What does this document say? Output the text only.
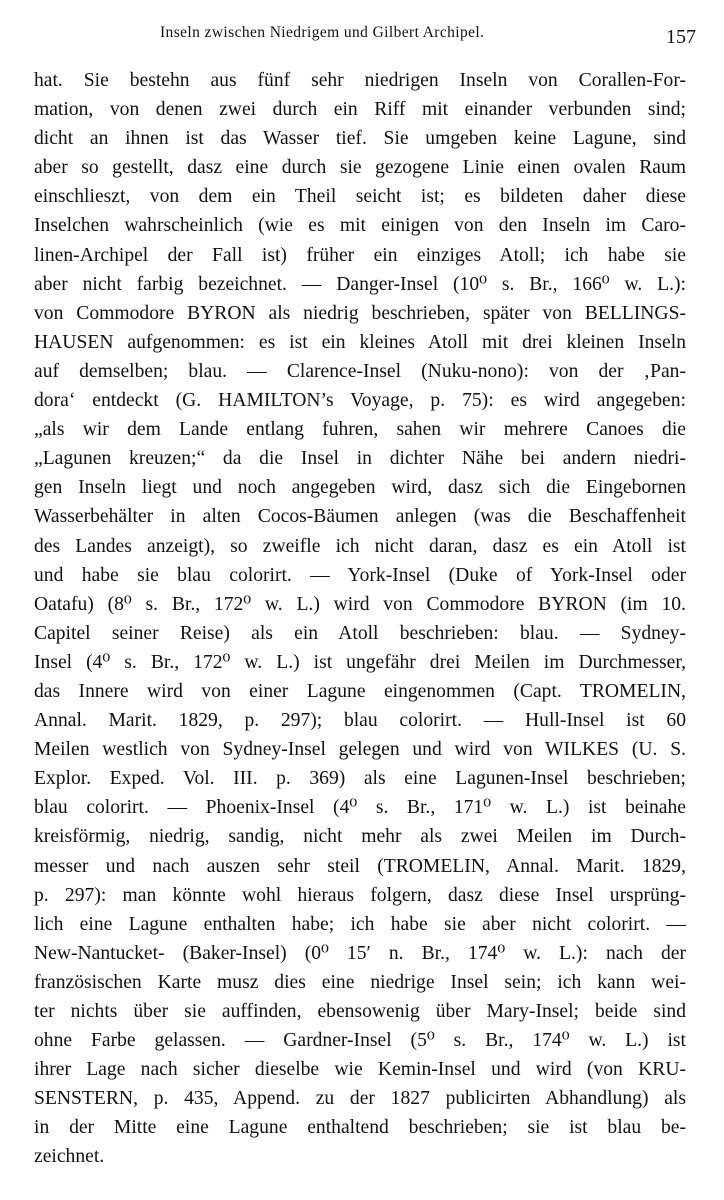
Inseln zwischen Niedrigem und Gilbert Archipel.	157
hat. Sie bestehn aus fünf sehr niedrigen Inseln von Corallen-For-
mation, von denen zwei durch ein Riff mit einander verbunden sind;
dicht an ihnen ist das Wasser tief. Sie umgeben keine Lagune, sind
aber so gestellt, dasz eine durch sie gezogene Linie einen ovalen Raum
einschlieszt, von dem ein Theil seicht ist; es bildeten daher diese
Inselchen wahrscheinlich (wie es mit einigen von den Inseln im Caro-
linen-Archipel der Fall ist) früher ein einziges Atoll; ich habe sie
aber nicht farbig bezeichnet. — Danger-Insel (10⁰ s. Br., 166⁰ w. L.):
von Commodore BYRON als niedrig beschrieben, später von BELLINGS-
HAUSEN aufgenommen: es ist ein kleines Atoll mit drei kleinen Inseln
auf demselben; blau. — Clarence-Insel (Nuku-nono): von der ‚Pan-
dora‘ entdeckt (G. HAMILTON’s Voyage, p. 75): es wird angegeben:
„als wir dem Lande entlang fuhren, sahen wir mehrere Canoes die
„Lagunen kreuzen;“ da die Insel in dichter Nähe bei andern niedri-
gen Inseln liegt und noch angegeben wird, dasz sich die Eingebornen
Wasserbehälter in alten Cocos-Bäumen anlegen (was die Beschaffenheit
des Landes anzeigt), so zweifle ich nicht daran, dasz es ein Atoll ist
und habe sie blau colorirt. — York-Insel (Duke of York-Insel oder
Oatafu) (8⁰ s. Br., 172⁰ w. L.) wird von Commodore BYRON (im 10.
Capitel seiner Reise) als ein Atoll beschrieben: blau. — Sydney-
Insel (4⁰ s. Br., 172⁰ w. L.) ist ungefähr drei Meilen im Durchmesser,
das Innere wird von einer Lagune eingenommen (Capt. TROMELIN,
Annal. Marit. 1829, p. 297); blau colorirt. — Hull-Insel ist 60
Meilen westlich von Sydney-Insel gelegen und wird von WILKES (U. S.
Explor. Exped. Vol. III. p. 369) als eine Lagunen-Insel beschrieben;
blau colorirt. — Phoenix-Insel (4⁰ s. Br., 171⁰ w. L.) ist beinahe
kreisförmig, niedrig, sandig, nicht mehr als zwei Meilen im Durch-
messer und nach auszen sehr steil (TROMELIN, Annal. Marit. 1829,
p. 297): man könnte wohl hieraus folgern, dasz diese Insel ursprüng-
lich eine Lagune enthalten habe; ich habe sie aber nicht colorirt. —
New-Nantucket- (Baker-Insel) (0⁰ 15′ n. Br., 174⁰ w. L.): nach der
französischen Karte musz dies eine niedrige Insel sein; ich kann wei-
ter nichts über sie auffinden, ebensowenig über Mary-Insel; beide sind
ohne Farbe gelassen. — Gardner-Insel (5⁰ s. Br., 174⁰ w. L.) ist
ihrer Lage nach sicher dieselbe wie Kemin-Insel und wird (von KRU-
SENSTERN, p. 435, Append. zu der 1827 publicirten Abhandlung) als
in der Mitte eine Lagune enthaltend beschrieben; sie ist blau be-
zeichnet.
